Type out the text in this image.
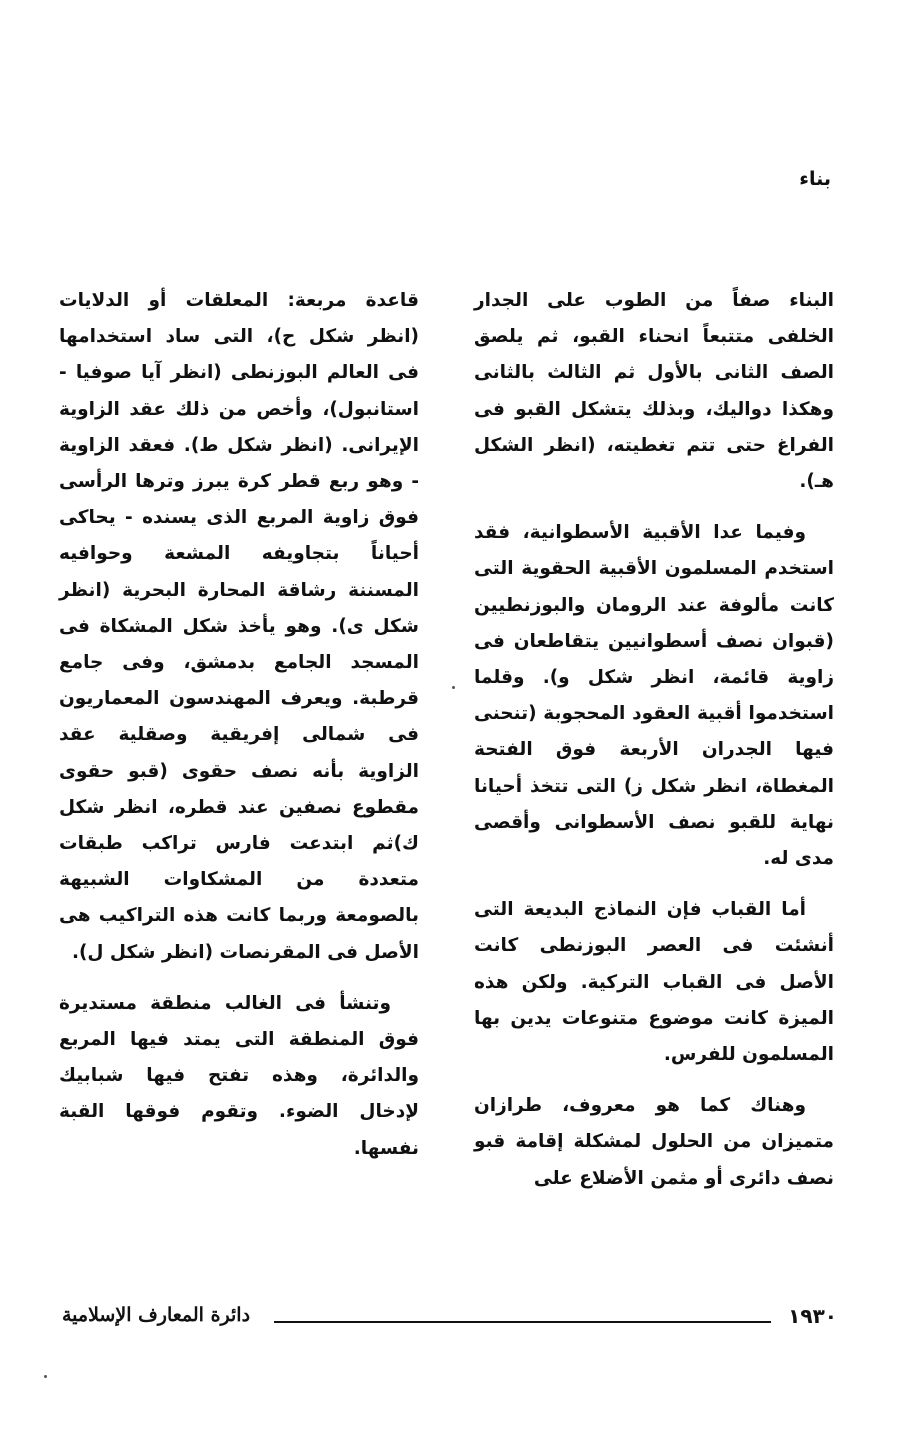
بناء

البناء صفاً من الطوب على الجدار الخلفى متتبعاً انحناء القبو، ثم يلصق الصف الثانى بالأول ثم الثالث بالثانى وهكذا دواليك، وبذلك يتشكل القبو فى الفراغ حتى تتم تغطيته، (انظر الشكل هـ).

وفيما عدا الأقبية الأسطوانية، فقد استخدم المسلمون الأقبية الحقوية التى كانت مألوفة عند الرومان والبوزنطيين (قبوان نصف أسطوانيين يتقاطعان فى زاوية قائمة، انظر شكل و). وقلما استخدموا أقبية العقود المحجوبة (تنحنى فيها الجدران الأربعة فوق الفتحة المغطاة، انظر شكل ز) التى تتخذ أحيانا نهاية للقبو نصف الأسطوانى وأقصى مدى له.

أما القباب فإن النماذج البديعة التى أنشئت فى العصر البوزنطى كانت الأصل فى القباب التركية. ولكن هذه الميزة كانت موضوع متنوعات يدين بها المسلمون للفرس.

وهناك كما هو معروف، طرازان متميزان من الحلول لمشكلة إقامة قبو نصف دائرى أو مثمن الأضلاع على

قاعدة مربعة: المعلقات أو الدلايات (انظر شكل ح)، التى ساد استخدامها فى العالم البوزنطى (انظر آيا صوفيا - استانبول)، وأخص من ذلك عقد الزاوية الإيرانى. (انظر شكل ط). فعقد الزاوية - وهو ربع قطر كرة يبرز وترها الرأسى فوق زاوية المربع الذى يسنده - يحاكى أحياناً بتجاويفه المشعة وحوافيه المسننة رشاقة المحارة البحرية (انظر شكل ى). وهو يأخذ شكل المشكاة فى المسجد الجامع بدمشق، وفى جامع قرطبة. ويعرف المهندسون المعماريون فى شمالى إفريقية وصقلية عقد الزاوية بأنه نصف حقوى (قبو حقوى مقطوع نصفين عند قطره، انظر شكل ك)ثم ابتدعت فارس تراكب طبقات متعددة من المشكاوات الشبيهة بالصومعة وربما كانت هذه التراكيب هى الأصل فى المقرنصات (انظر شكل ل).

وتنشأ فى الغالب منطقة مستديرة فوق المنطقة التى يمتد فيها المربع والدائرة، وهذه تفتح فيها شبابيك لإدخال الضوء. وتقوم فوقها القبة نفسها.

١٩٣٠
دائرة المعارف الإسلامية
